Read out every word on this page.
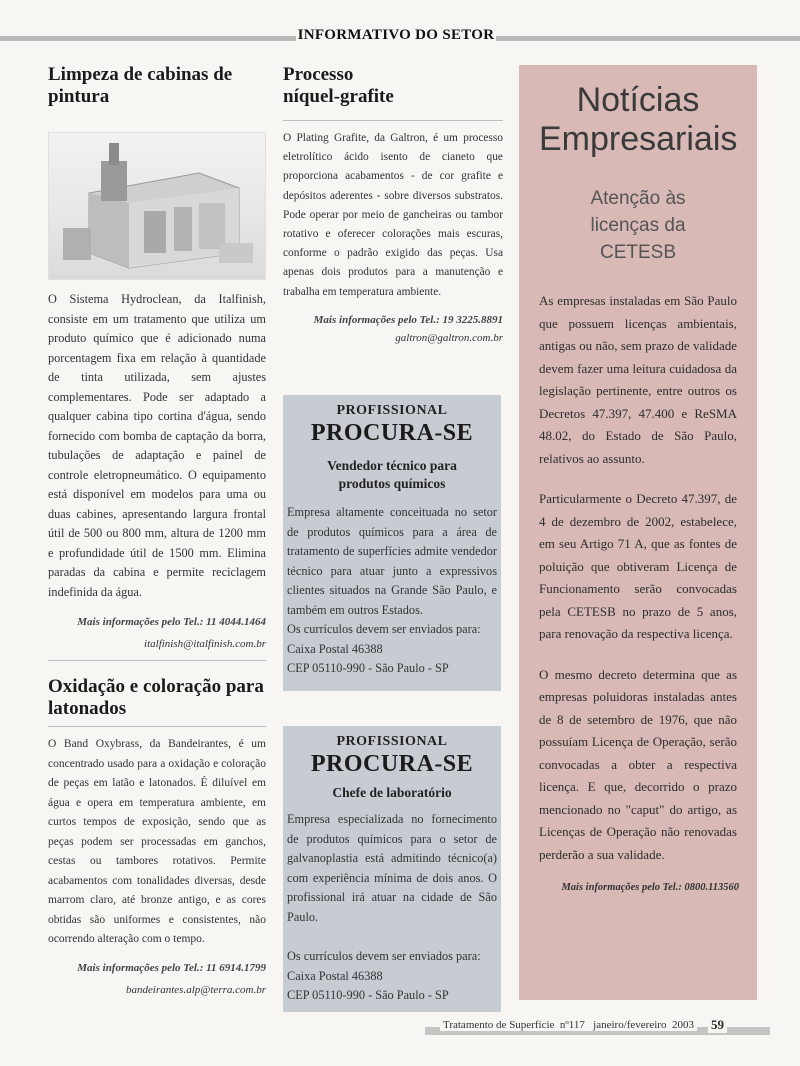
INFORMATIVO DO SETOR
Limpeza de cabinas de pintura
O Sistema Hydroclean, da Italfinish, consiste em um tratamento que utiliza um produto químico que é adicionado numa porcentagem fixa em relação à quantidade de tinta utilizada, sem ajustes complementares. Pode ser adaptado a qualquer cabina tipo cortina d'água, sendo fornecido com bomba de captação da borra, tubulações de adaptação e painel de controle eletropneumático. O equipamento está disponível em modelos para uma ou duas cabines, apresentando largura frontal útil de 500 ou 800 mm, altura de 1200 mm e profundidade útil de 1500 mm. Elimina paradas da cabina e permite reciclagem indefinida da água.
Mais informações pelo Tel.: 11 4044.1464
italfinish@italfinish.com.br
Oxidação e coloração para latonados
O Band Oxybrass, da Bandeirantes, é um concentrado usado para a oxidação e coloração de peças em latão e latonados. É diluível em água e opera em temperatura ambiente, em curtos tempos de exposição, sendo que as peças podem ser processadas em ganchos, cestas ou tambores rotativos. Permite acabamentos com tonalidades diversas, desde marrom claro, até bronze antigo, e as cores obtidas são uniformes e consistentes, não ocorrendo alteração com o tempo.
Mais informações pelo Tel.: 11 6914.1799
bandeirantes.alp@terra.com.br
Processo níquel-grafite
O Plating Grafite, da Galtron, é um processo eletrolítico ácido isento de cianeto que proporciona acabamentos - de cor grafite e depósitos aderentes - sobre diversos substratos. Pode operar por meio de gancheiras ou tambor rotativo e oferecer colorações mais escuras, conforme o padrão exigido das peças. Usa apenas dois produtos para a manutenção e trabalha em temperatura ambiente.
Mais informações pelo Tel.: 19 3225.8891
galtron@galtron.com.br
PROFISSIONAL
PROCURA-SE
Vendedor técnico para produtos químicos
Empresa altamente conceituada no setor de produtos químicos para a área de tratamento de superfícies admite vendedor técnico para atuar junto a expressivos clientes situados na Grande São Paulo, e também em outros Estados.
Os currículos devem ser enviados para:
Caixa Postal 46388
CEP 05110-990 - São Paulo - SP
PROFISSIONAL
PROCURA-SE
Chefe de laboratório
Empresa especializada no fornecimento de produtos químicos para o setor de galvanoplastia está admitindo técnico(a) com experiência mínima de dois anos. O profissional irá atuar na cidade de São Paulo.
Os currículos devem ser enviados para:
Caixa Postal 46388
CEP 05110-990 - São Paulo - SP
Notícias Empresariais
Atenção às licenças da CETESB
As empresas instaladas em São Paulo que possuem licenças ambientais, antigas ou não, sem prazo de validade devem fazer uma leitura cuidadosa da legislação pertinente, entre outros os Decretos 47.397, 47.400 e ReSMA 48.02, do Estado de São Paulo, relativos ao assunto.
Particularmente o Decreto 47.397, de 4 de dezembro de 2002, estabelece, em seu Artigo 71 A, que as fontes de poluição que obtiveram Licença de Funcionamento serão convocadas pela CETESB no prazo de 5 anos, para renovação da respectiva licença.
O mesmo decreto determina que as empresas poluidoras instaladas antes de 8 de setembro de 1976, que não possuíam Licença de Operação, serão convocadas a obter a respectiva licença. E que, decorrido o prazo mencionado no "caput" do artigo, as Licenças de Operação não renovadas perderão a sua validade.
Mais informações pelo Tel.: 0800.113560
Tratamento de Superfície  nº117   janeiro/fevereiro  2003 59
